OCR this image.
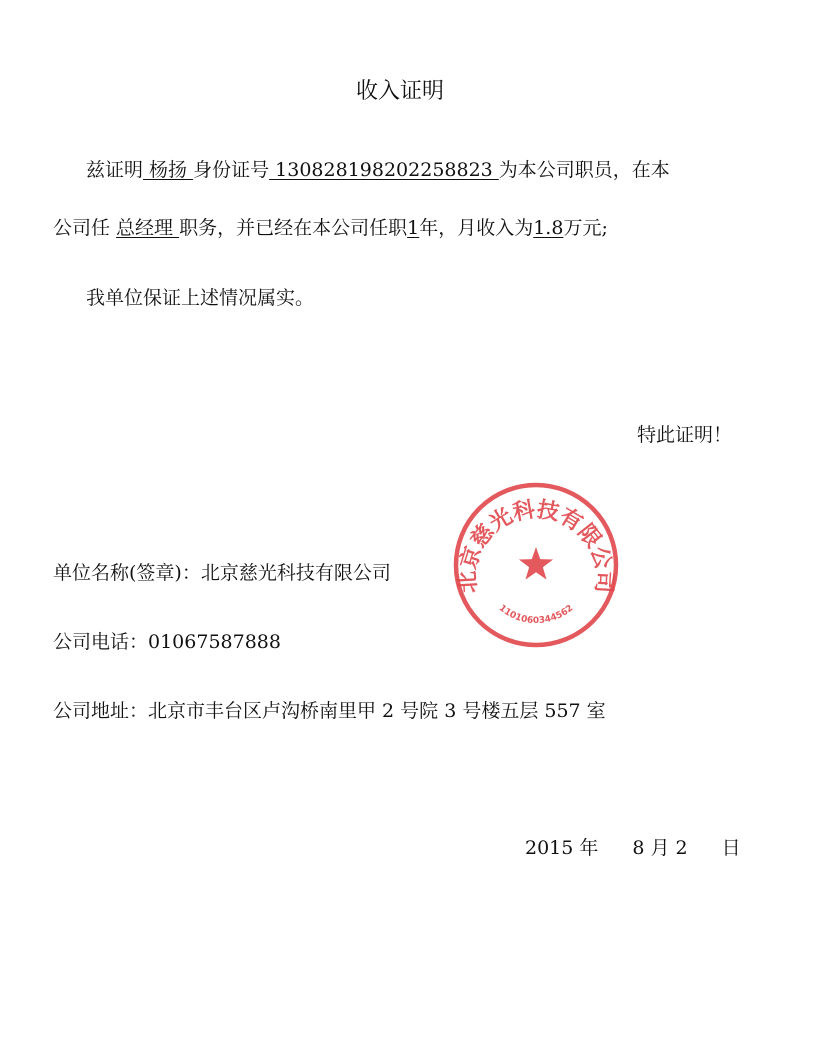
收入证明
兹证明 杨扬 身份证号 130828198202258823 为本公司职员，在本
公司任 总经理 职务，并已经在本公司任职1年，月收入为1.8万元;
我单位保证上述情况属实。
特此证明！
单位名称(签章)：北京慈光科技有限公司
公司电话：01067587888
公司地址：北京市丰台区卢沟桥南里甲 2 号院 3 号楼五层 557 室
2015 年 8 月 2 日
北京慈光科技有限公司
1101060344562
